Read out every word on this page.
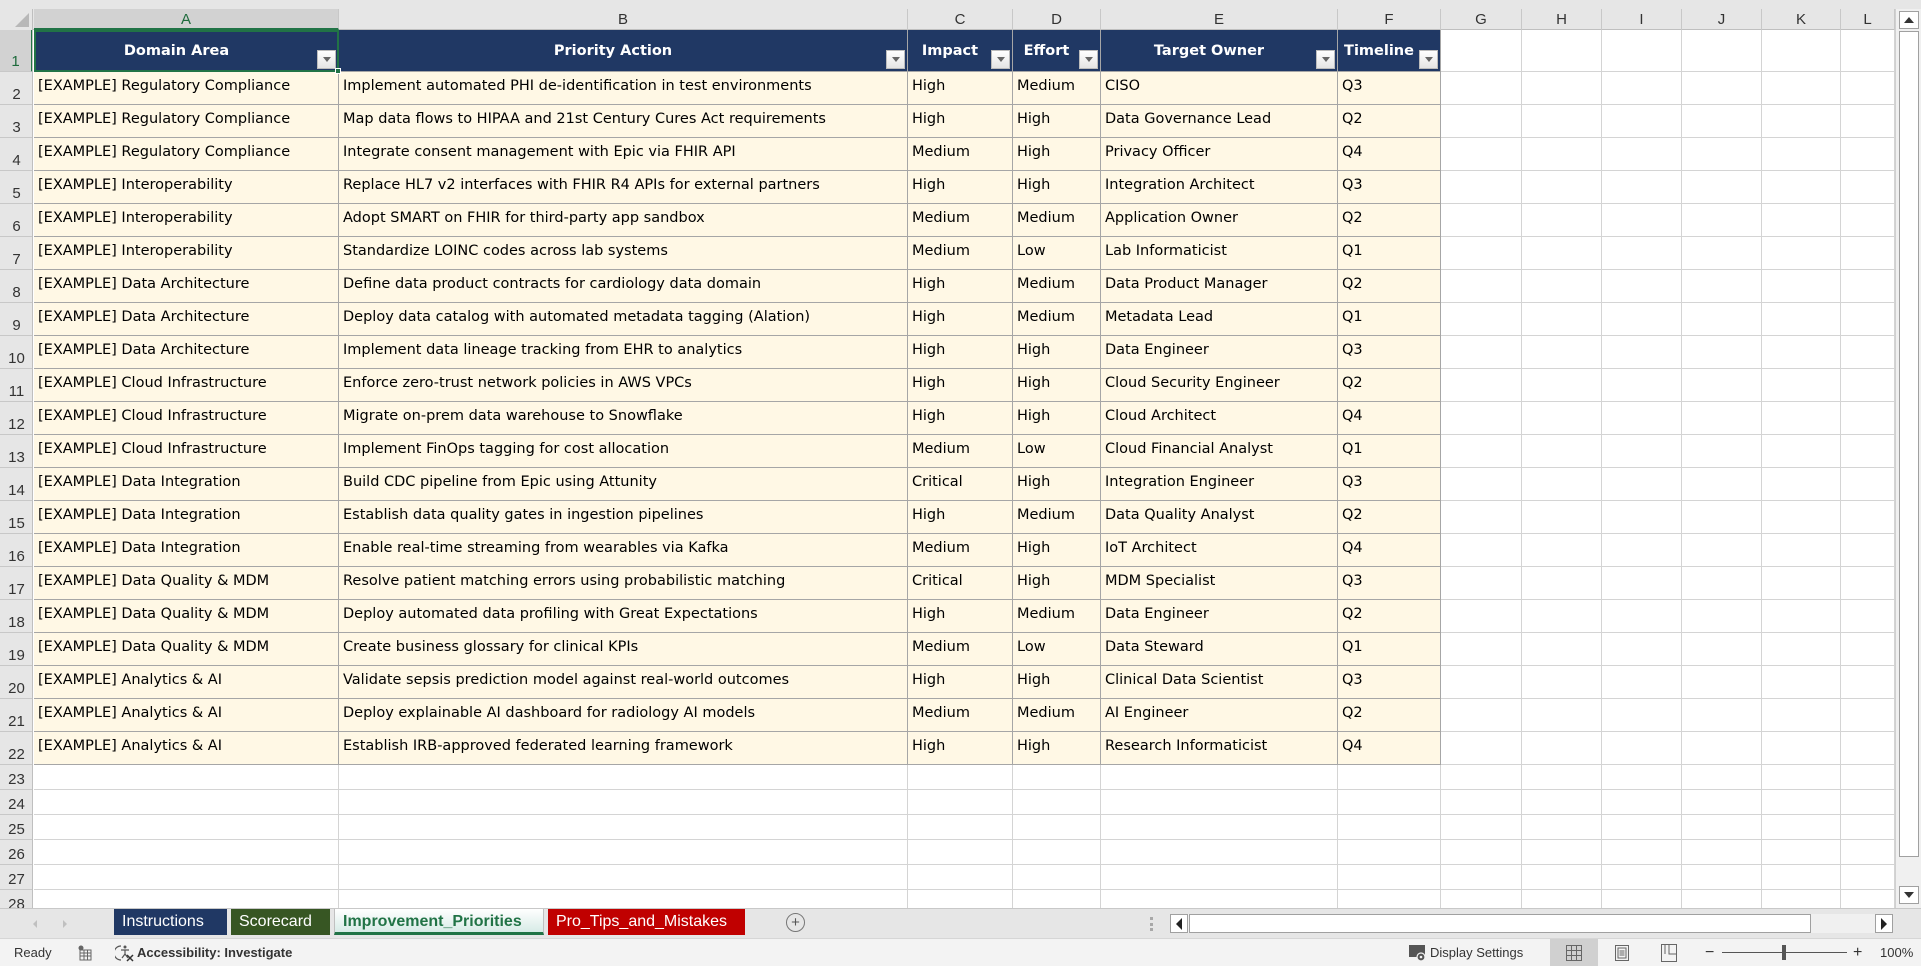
A	B	C	D	E	F	G	H	I	J	K	L
1
2
3
4
5
6
7
8
9
10
11
12
13
14
15
16
17
18
19
20
21
22
23
24
25
26
27
28
Domain Area	Priority Action	Impact	Effort	Target Owner	Timeline
[EXAMPLE] Regulatory Compliance	Implement automated PHI de-identification in test environments	High	Medium	CISO	Q3
[EXAMPLE] Regulatory Compliance	Map data flows to HIPAA and 21st Century Cures Act requirements	High	High	Data Governance Lead	Q2
[EXAMPLE] Regulatory Compliance	Integrate consent management with Epic via FHIR API	Medium	High	Privacy Officer	Q4
[EXAMPLE] Interoperability	Replace HL7 v2 interfaces with FHIR R4 APIs for external partners	High	High	Integration Architect	Q3
[EXAMPLE] Interoperability	Adopt SMART on FHIR for third-party app sandbox	Medium	Medium	Application Owner	Q2
[EXAMPLE] Interoperability	Standardize LOINC codes across lab systems	Medium	Low	Lab Informaticist	Q1
[EXAMPLE] Data Architecture	Define data product contracts for cardiology data domain	High	Medium	Data Product Manager	Q2
[EXAMPLE] Data Architecture	Deploy data catalog with automated metadata tagging (Alation)	High	Medium	Metadata Lead	Q1
[EXAMPLE] Data Architecture	Implement data lineage tracking from EHR to analytics	High	High	Data Engineer	Q3
[EXAMPLE] Cloud Infrastructure	Enforce zero-trust network policies in AWS VPCs	High	High	Cloud Security Engineer	Q2
[EXAMPLE] Cloud Infrastructure	Migrate on-prem data warehouse to Snowflake	High	High	Cloud Architect	Q4
[EXAMPLE] Cloud Infrastructure	Implement FinOps tagging for cost allocation	Medium	Low	Cloud Financial Analyst	Q1
[EXAMPLE] Data Integration	Build CDC pipeline from Epic using Attunity	Critical	High	Integration Engineer	Q3
[EXAMPLE] Data Integration	Establish data quality gates in ingestion pipelines	High	Medium	Data Quality Analyst	Q2
[EXAMPLE] Data Integration	Enable real-time streaming from wearables via Kafka	Medium	High	IoT Architect	Q4
[EXAMPLE] Data Quality & MDM	Resolve patient matching errors using probabilistic matching	Critical	High	MDM Specialist	Q3
[EXAMPLE] Data Quality & MDM	Deploy automated data profiling with Great Expectations	High	Medium	Data Engineer	Q2
[EXAMPLE] Data Quality & MDM	Create business glossary for clinical KPIs	Medium	Low	Data Steward	Q1
[EXAMPLE] Analytics & AI	Validate sepsis prediction model against real-world outcomes	High	High	Clinical Data Scientist	Q3
[EXAMPLE] Analytics & AI	Deploy explainable AI dashboard for radiology AI models	Medium	Medium	AI Engineer	Q2
[EXAMPLE] Analytics & AI	Establish IRB-approved federated learning framework	High	High	Research Informaticist	Q4
Instructions	Scorecard	Improvement_Priorities	Pro_Tips_and_Mistakes	+
Ready	Accessibility: Investigate	Display Settings	−	+ 100%
